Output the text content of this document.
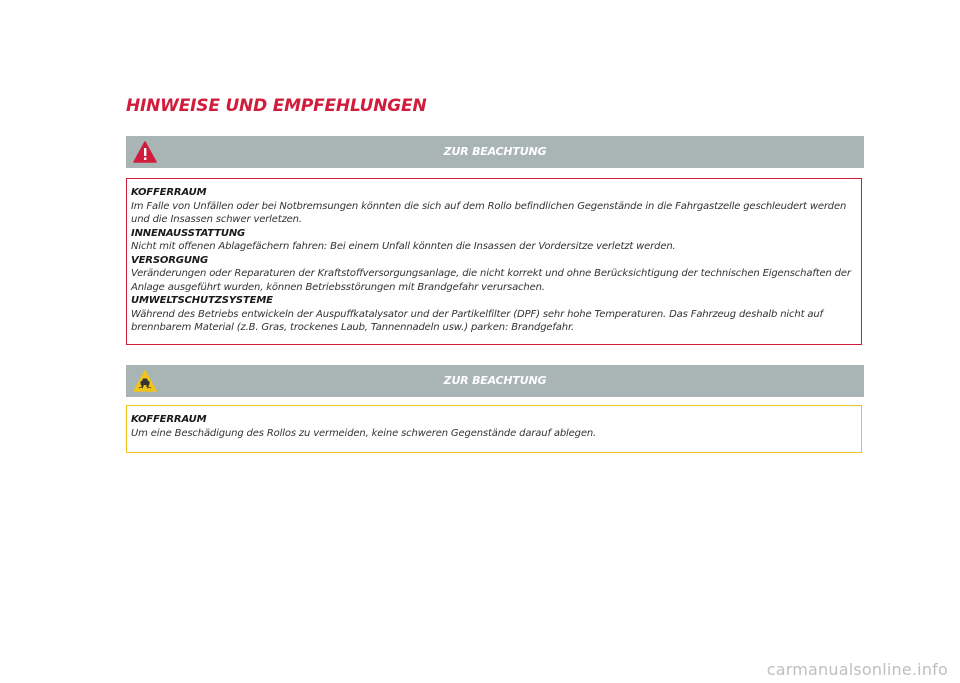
HINWEISE UND EMPFEHLUNGEN
ZUR BEACHTUNG
KOFFERRAUM
Im Falle von Unfällen oder bei Notbremsungen könnten die sich auf dem Rollo befindlichen Gegenstände in die Fahrgastzelle geschleudert werden und die Insassen schwer verletzen.
INNENAUSSTATTUNG
Nicht mit offenen Ablagefächern fahren: Bei einem Unfall könnten die Insassen der Vordersitze verletzt werden.
VERSORGUNG
Veränderungen oder Reparaturen der Kraftstoffversorgungsanlage, die nicht korrekt und ohne Berücksichtigung der technischen Eigenschaften der Anlage ausgeführt wurden, können Betriebsstörungen mit Brandgefahr verursachen.
UMWELTSCHUTZSYSTEME
Während des Betriebs entwickeln der Auspuffkatalysator und der Partikelfilter (DPF) sehr hohe Temperaturen. Das Fahrzeug deshalb nicht auf brennbarem Material (z.B. Gras, trockenes Laub, Tannennadeln usw.) parken: Brandgefahr.
ZUR BEACHTUNG
KOFFERRAUM
Um eine Beschädigung des Rollos zu vermeiden, keine schweren Gegenstände darauf ablegen.
carmanualsonline.info
